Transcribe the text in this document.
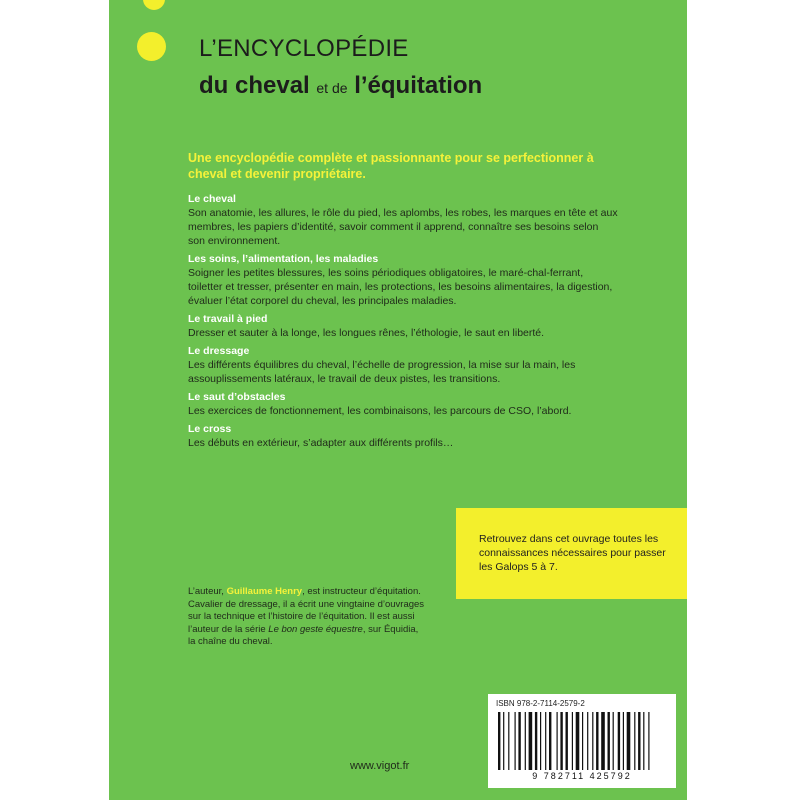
L’ENCYCLOPÉDIE
du cheval et de l’équitation
Une encyclopédie complète et passionnante pour se perfectionner à cheval et devenir propriétaire.
Le cheval
Son anatomie, les allures, le rôle du pied, les aplombs, les robes, les marques en tête et aux membres, les papiers d’identité, savoir comment il apprend, connaître ses besoins selon son environnement.
Les soins, l’alimentation, les maladies
Soigner les petites blessures, les soins périodiques obligatoires, le maré-chal-ferrant, toiletter et tresser, présenter en main, les protections, les besoins alimentaires, la digestion, évaluer l’état corporel du cheval, les principales maladies.
Le travail à pied
Dresser et sauter à la longe, les longues rênes, l’éthologie, le saut en liberté.
Le dressage
Les différents équilibres du cheval, l’échelle de progression, la mise sur la main, les assouplissements latéraux, le travail de deux pistes, les transitions.
Le saut d’obstacles
Les exercices de fonctionnement, les combinaisons, les parcours de CSO, l’abord.
Le cross
Les débuts en extérieur, s’adapter aux différents profils…
Retrouvez dans cet ouvrage toutes les connaissances nécessaires pour passer les Galops 5 à 7.
L’auteur, Guillaume Henry, est instructeur d’équitation. Cavalier de dressage, il a écrit une vingtaine d’ouvrages sur la technique et l’histoire de l’équitation. Il est aussi l’auteur de la série Le bon geste équestre, sur Équidia, la chaîne du cheval.
ISBN 978-2-7114-2579-2
9 782711 425792
www.vigot.fr
